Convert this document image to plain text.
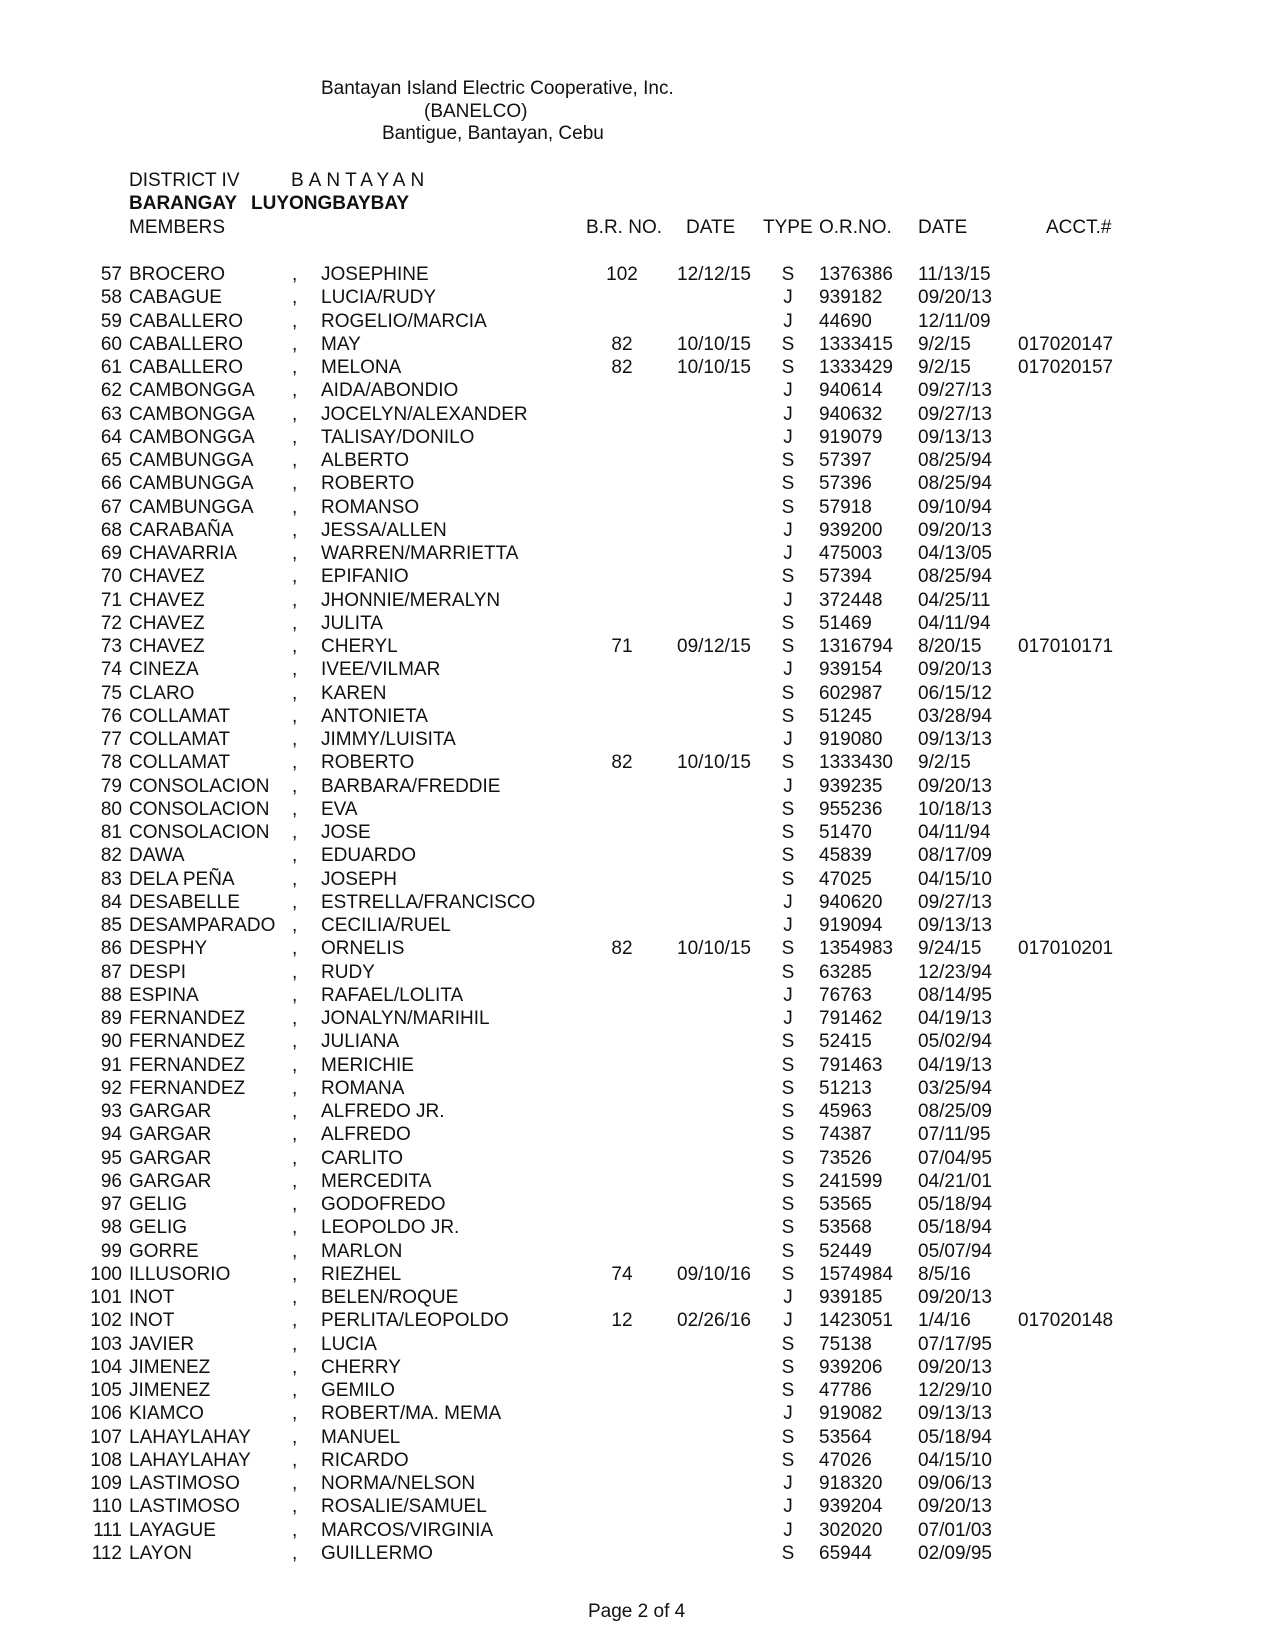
Bantayan Island Electric Cooperative, Inc.
(BANELCO)
Bantigue, Bantayan, Cebu
DISTRICT IV	BANTAYAN
BARANGAY LUYONGBAYBAY
MEMBERS	B.R. NO. DATE TYPE O.R.NO. DATE	ACCT.#
57 BROCERO	, JOSEPHINE	102	12/12/15 S 1376386 11/13/15
58 CABAGUE	, LUCIA/RUDY	J 939182 09/20/13
59 CABALLERO	, ROGELIO/MARCIA	J 44690 12/11/09
60 CABALLERO	, MAY	82	10/10/15 S 1333415 9/2/15 017020147
61 CABALLERO	, MELONA	82	10/10/15 S 1333429 9/2/15 017020157
62 CAMBONGGA , AIDA/ABONDIO	J 940614 09/27/13
63 CAMBONGGA , JOCELYN/ALEXANDER	J 940632 09/27/13
64 CAMBONGGA , TALISAY/DONILO	J 919079 09/13/13
65 CAMBUNGGA , ALBERTO	S 57397 08/25/94
66 CAMBUNGGA , ROBERTO	S 57396 08/25/94
67 CAMBUNGGA , ROMANSO	S 57918 09/10/94
68 CARABAÑA	, JESSA/ALLEN	J 939200 09/20/13
69 CHAVARRIA	, WARREN/MARRIETTA	J 475003 04/13/05
70 CHAVEZ	, EPIFANIO	S 57394 08/25/94
71 CHAVEZ	, JHONNIE/MERALYN	J 372448 04/25/11
72 CHAVEZ	, JULITA	S 51469 04/11/94
73 CHAVEZ	, CHERYL	71	09/12/15 S 1316794 8/20/15 017010171
74 CINEZA	, IVEE/VILMAR	J 939154 09/20/13
75 CLARO	, KAREN	S 602987 06/15/12
76 COLLAMAT	, ANTONIETA	S 51245 03/28/94
77 COLLAMAT	, JIMMY/LUISITA	J 919080 09/13/13
78 COLLAMAT	, ROBERTO	82	10/10/15 S 1333430 9/2/15
79 CONSOLACION , BARBARA/FREDDIE	J 939235 09/20/13
80 CONSOLACION , EVA	S 955236 10/18/13
81 CONSOLACION , JOSE	S 51470 04/11/94
82 DAWA	, EDUARDO	S 45839 08/17/09
83 DELA PEÑA	, JOSEPH	S 47025 04/15/10
84 DESABELLE	, ESTRELLA/FRANCISCO	J 940620 09/27/13
85 DESAMPARADO , CECILIA/RUEL	J 919094 09/13/13
86 DESPHY	, ORNELIS	82	10/10/15 S 1354983 9/24/15 017010201
87 DESPI	, RUDY	S 63285 12/23/94
88 ESPINA	, RAFAEL/LOLITA	J 76763 08/14/95
89 FERNANDEZ , JONALYN/MARIHIL	J 791462 04/19/13
90 FERNANDEZ , JULIANA	S 52415 05/02/94
91 FERNANDEZ , MERICHIE	S 791463 04/19/13
92 FERNANDEZ , ROMANA	S 51213 03/25/94
93 GARGAR	, ALFREDO JR.	S 45963 08/25/09
94 GARGAR	, ALFREDO	S 74387 07/11/95
95 GARGAR	, CARLITO	S 73526 07/04/95
96 GARGAR	, MERCEDITA	S 241599 04/21/01
97 GELIG	, GODOFREDO	S 53565 05/18/94
98 GELIG	, LEOPOLDO JR.	S 53568 05/18/94
99 GORRE	, MARLON	S 52449 05/07/94
100 ILLUSORIO	, RIEZHEL	74	09/10/16 S 1574984 8/5/16
101 INOT	, BELEN/ROQUE	J 939185 09/20/13
102 INOT	, PERLITA/LEOPOLDO	12	02/26/16 J 1423051 1/4/16 017020148
103 JAVIER	, LUCIA	S 75138 07/17/95
104 JIMENEZ	, CHERRY	S 939206 09/20/13
105 JIMENEZ	, GEMILO	S 47786 12/29/10
106 KIAMCO	, ROBERT/MA. MEMA	J 919082 09/13/13
107 LAHAYLAHAY , MANUEL	S 53564 05/18/94
108 LAHAYLAHAY , RICARDO	S 47026 04/15/10
109 LASTIMOSO	, NORMA/NELSON	J 918320 09/06/13
110 LASTIMOSO	, ROSALIE/SAMUEL	J 939204 09/20/13
111 LAYAGUE	, MARCOS/VIRGINIA	J 302020 07/01/03
112 LAYON	, GUILLERMO	S 65944 02/09/95
Page 2 of 4
